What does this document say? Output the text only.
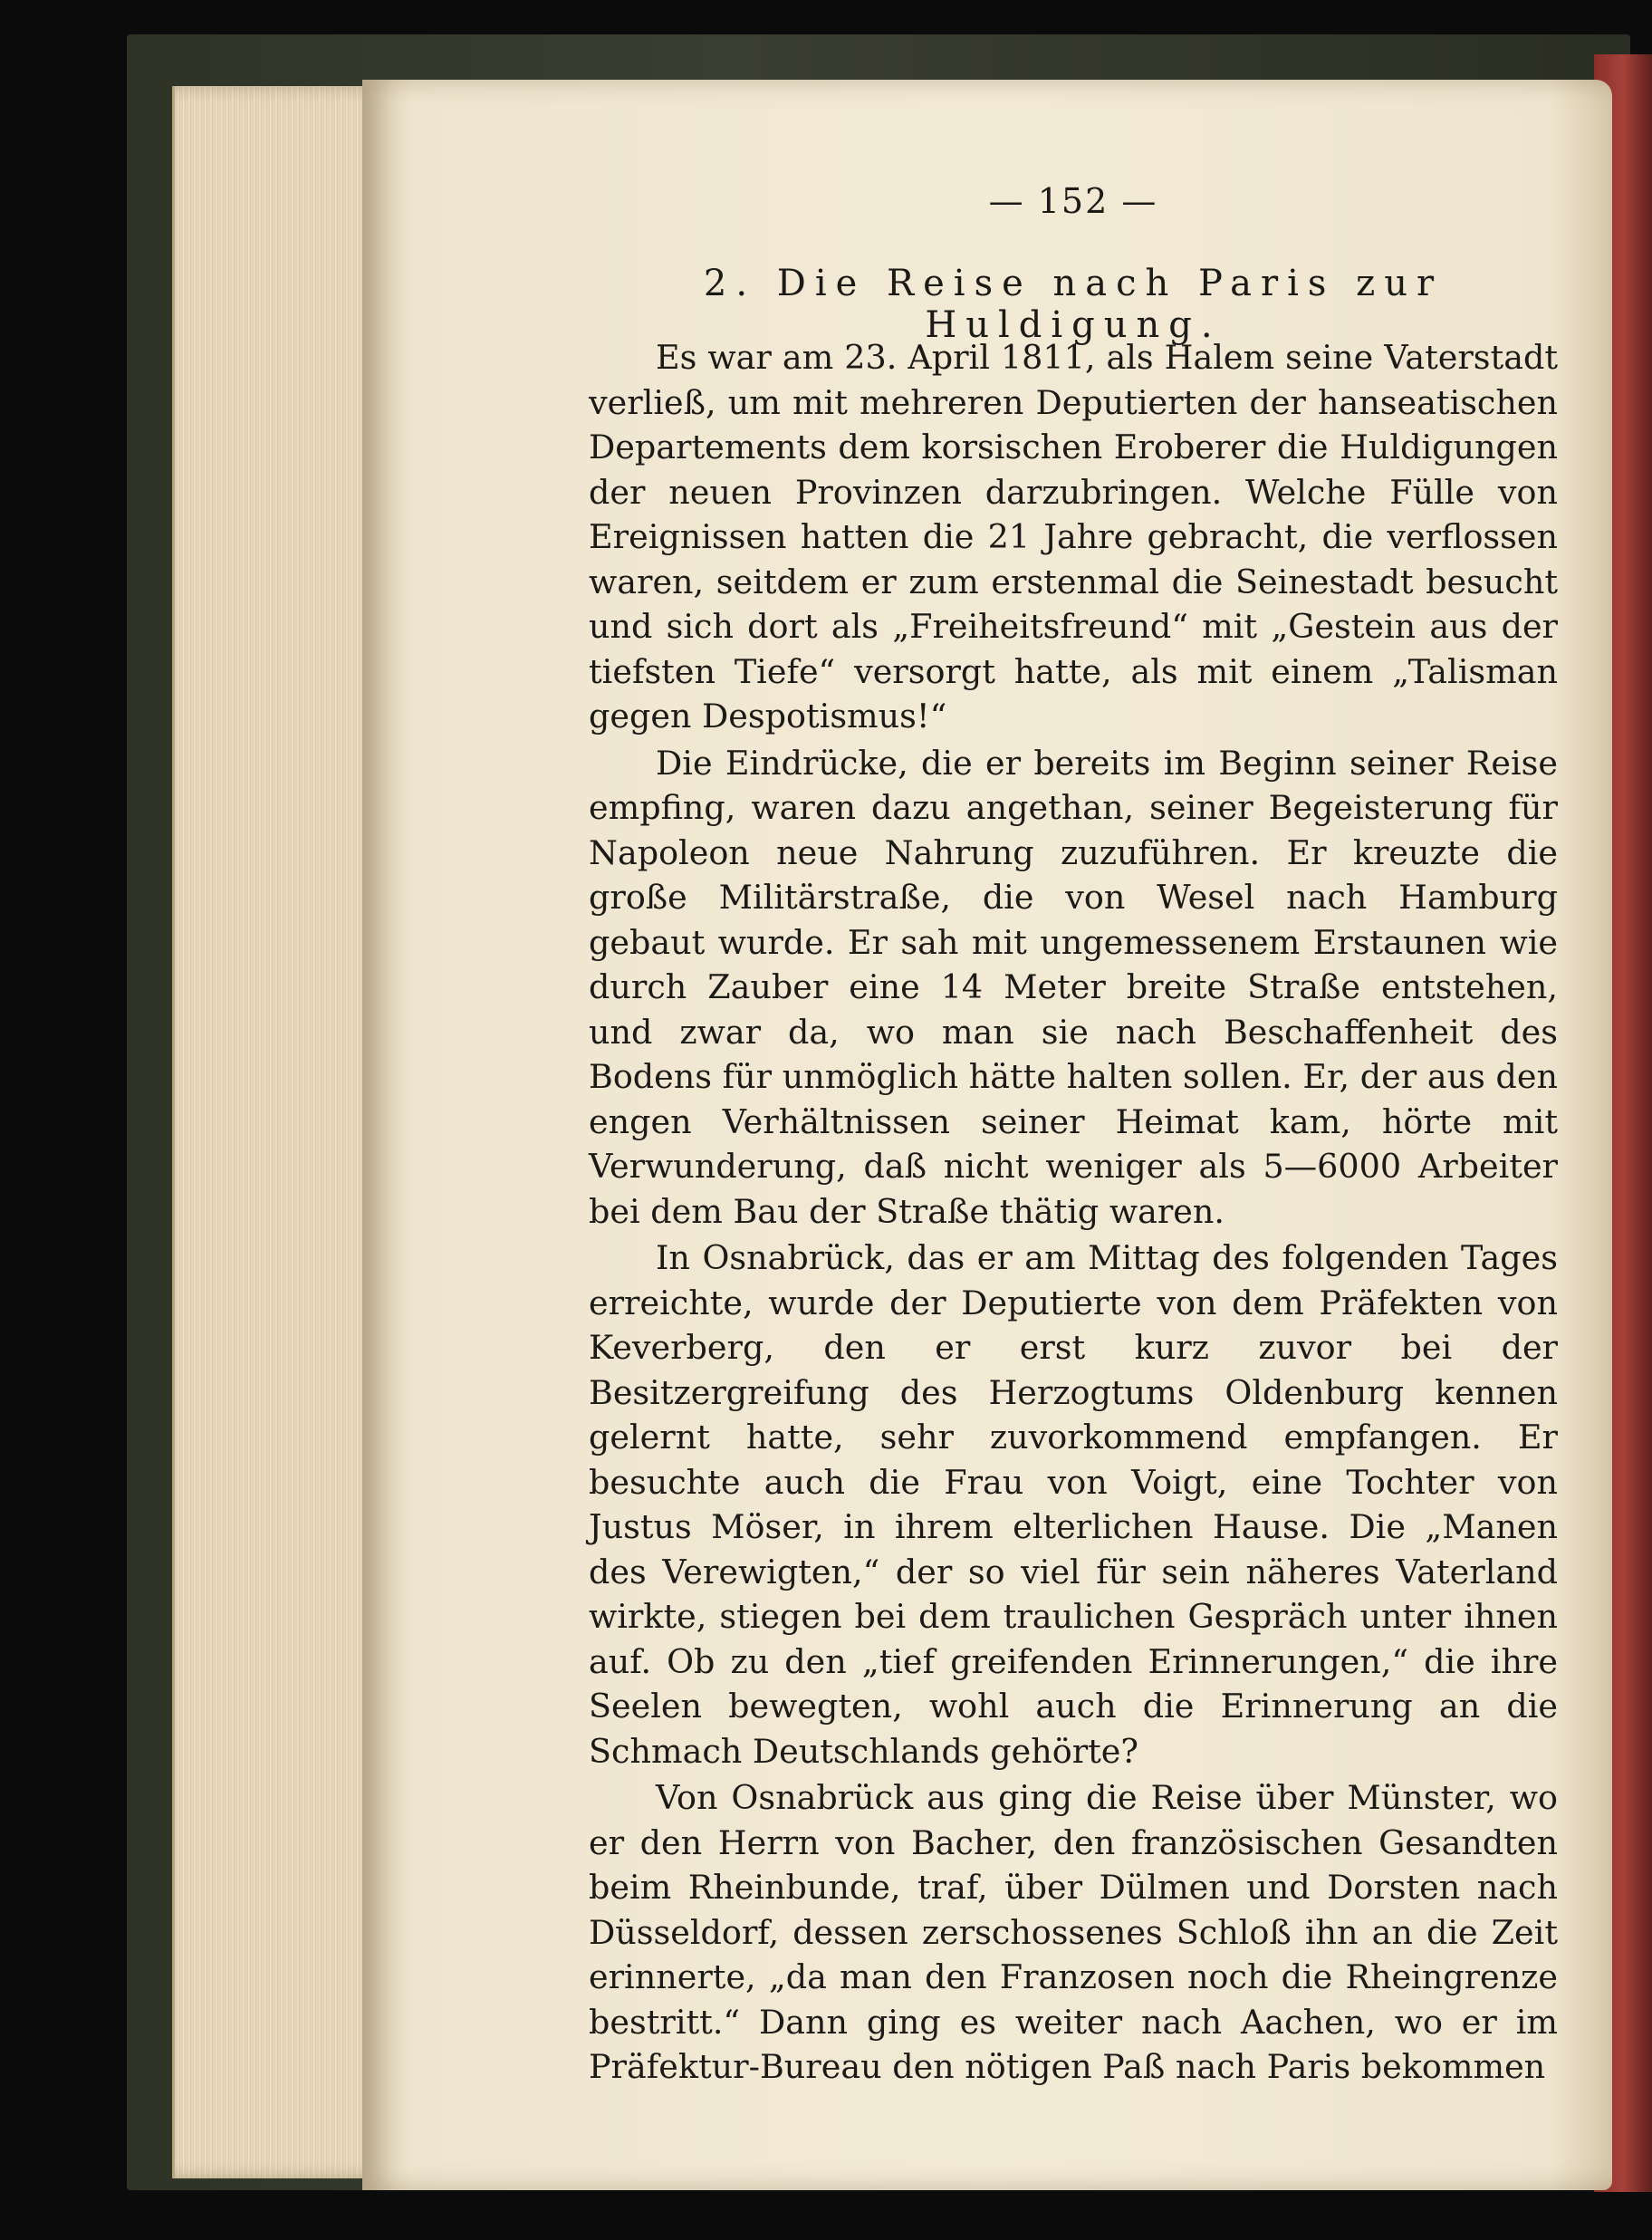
— 152 —
2. Die Reise nach Paris zur Huldigung.

Es war am 23. April 1811, als Halem seine Vaterstadt verließ, um mit mehreren Deputierten der hanseatischen Departements dem korsischen Eroberer die Huldigungen der neuen Provinzen darzubringen. Welche Fülle von Ereignissen hatten die 21 Jahre gebracht, die verflossen waren, seitdem er zum erstenmal die Seinestadt besucht und sich dort als „Freiheitsfreund“ mit „Gestein aus der tiefsten Tiefe“ versorgt hatte, als mit einem „Talisman gegen Despotismus!“

Die Eindrücke, die er bereits im Beginn seiner Reise empfing, waren dazu angethan, seiner Begeisterung für Napoleon neue Nahrung zuzuführen. Er kreuzte die große Militärstraße, die von Wesel nach Hamburg gebaut wurde. Er sah mit ungemessenem Erstaunen wie durch Zauber eine 14 Meter breite Straße entstehen, und zwar da, wo man sie nach Beschaffenheit des Bodens für unmöglich hätte halten sollen. Er, der aus den engen Verhältnissen seiner Heimat kam, hörte mit Verwunderung, daß nicht weniger als 5—6000 Arbeiter bei dem Bau der Straße thätig waren.

In Osnabrück, das er am Mittag des folgenden Tages erreichte, wurde der Deputierte von dem Präfekten von Keverberg, den er erst kurz zuvor bei der Besitzergreifung des Herzogtums Oldenburg kennen gelernt hatte, sehr zuvorkommend empfangen. Er besuchte auch die Frau von Voigt, eine Tochter von Justus Möser, in ihrem elterlichen Hause. Die „Manen des Verewigten,“ der so viel für sein näheres Vaterland wirkte, stiegen bei dem traulichen Gespräch unter ihnen auf. Ob zu den „tief greifenden Erinnerungen,“ die ihre Seelen bewegten, wohl auch die Erinnerung an die Schmach Deutschlands gehörte?

Von Osnabrück aus ging die Reise über Münster, wo er den Herrn von Bacher, den französischen Gesandten beim Rheinbunde, traf, über Dülmen und Dorsten nach Düsseldorf, dessen zerschossenes Schloß ihn an die Zeit erinnerte, „da man den Franzosen noch die Rheingrenze bestritt.“ Dann ging es weiter nach Aachen, wo er im Präfektur-Bureau den nötigen Paß nach Paris bekommen
